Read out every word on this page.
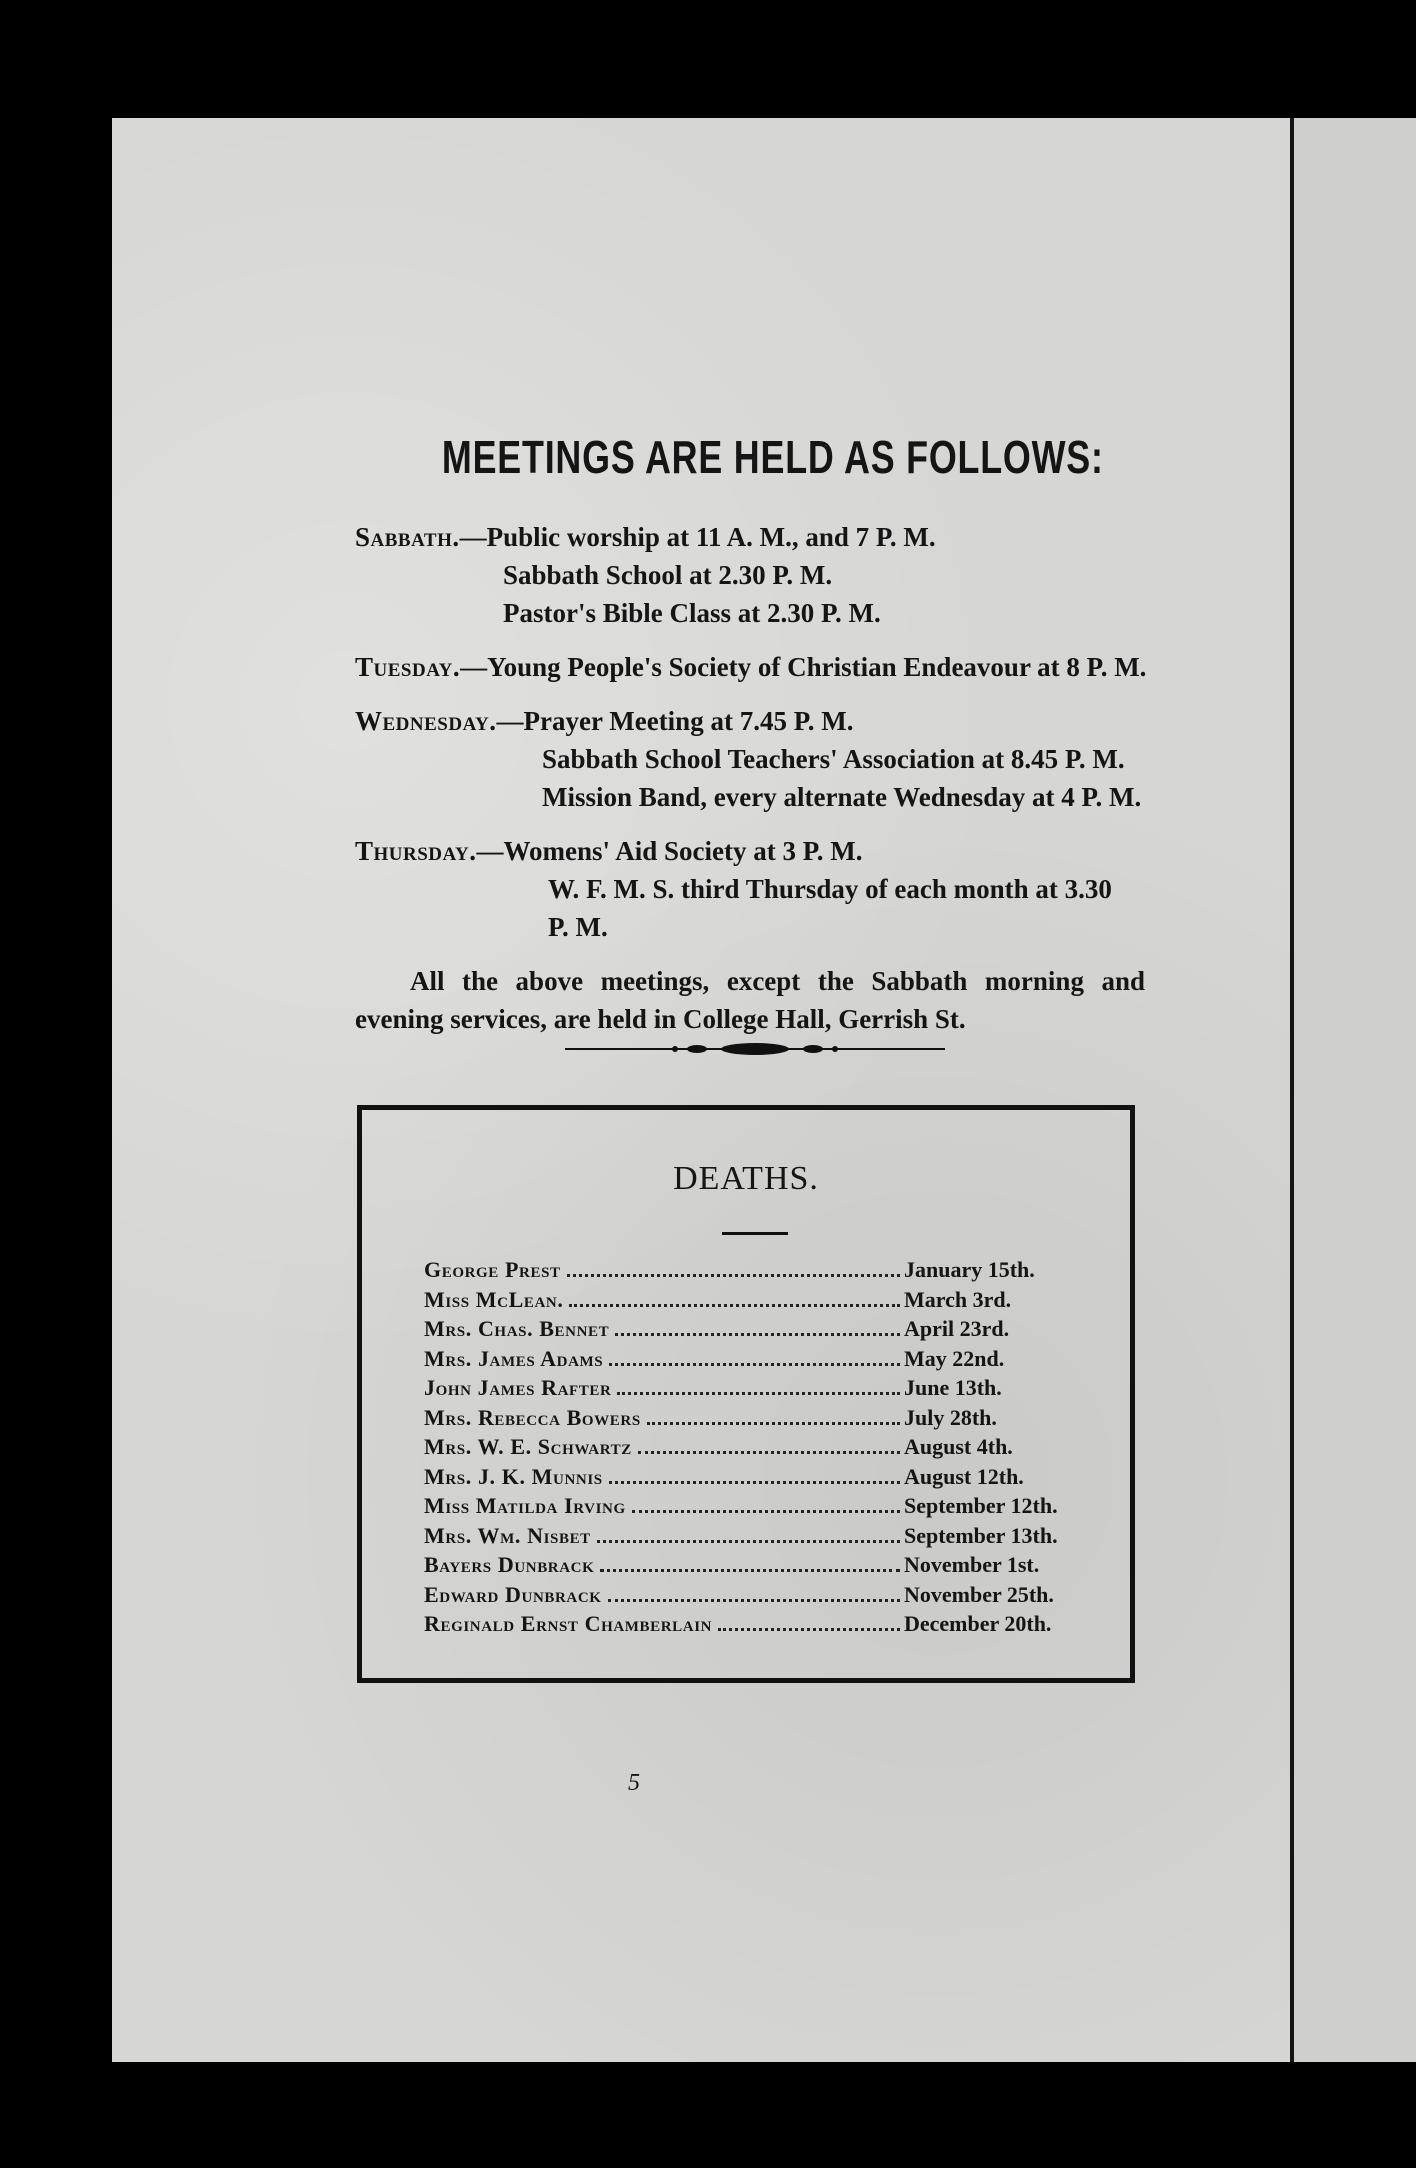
MEETINGS ARE HELD AS FOLLOWS:
Sabbath. —Public worship at 11 A. M., and 7 P. M.
Sabbath School at 2.30 P. M.
Pastor's Bible Class at 2.30 P. M.
Tuesday. —Young People's Society of Christian Endeavour at 8 P. M.
Wednesday. —Prayer Meeting at 7.45 P. M.
Sabbath School Teachers' Association at 8.45 P. M.
Mission Band, every alternate Wednesday at 4 P. M.
Thursday. —Womens' Aid Society at 3 P. M.
W. F. M. S. third Thursday of each month at 3.30
P. M.

All the above meetings, except the Sabbath morning and evening services, are held in College Hall, Gerrish St.

DEATHS.
George Prest	January 15th.
Miss McLean.	March 3rd.
Mrs. Chas. Bennet	April 23rd.
Mrs. James Adams	May 22nd.
John James Rafter	June 13th.
Mrs. Rebecca Bowers	July 28th.
Mrs. W. E. Schwartz	August 4th.
Mrs. J. K. Munnis	August 12th.
Miss Matilda Irving	September 12th.
Mrs. Wm. Nisbet	September 13th.
Bayers Dunbrack	November 1st.
Edward Dunbrack	November 25th.
Reginald Ernst Chamberlain	December 20th.
5
